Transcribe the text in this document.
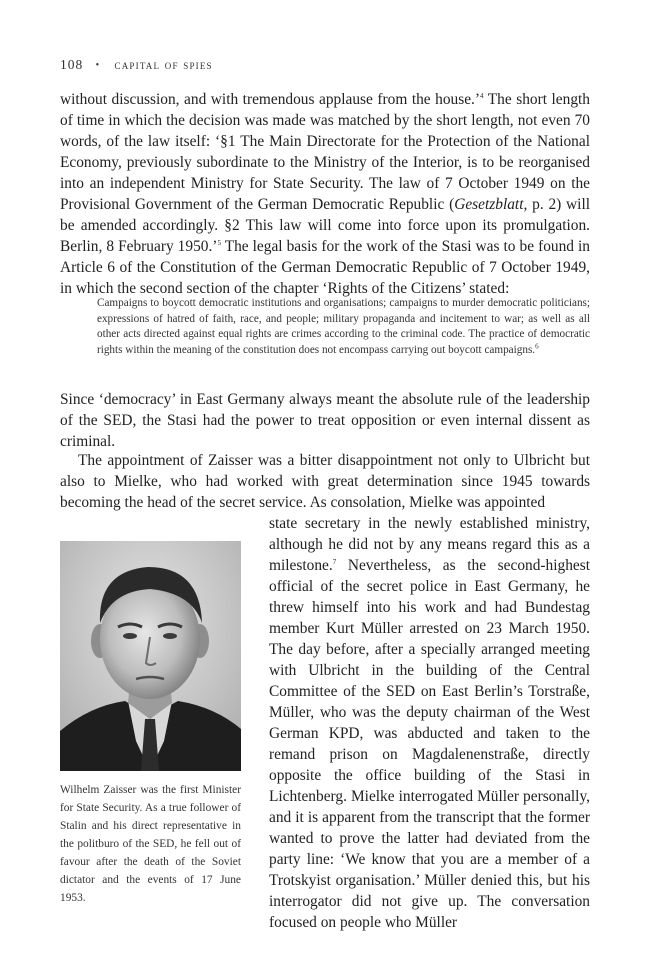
108 • capital of spies

without discussion, and with tremendous applause from the house.’$^4$ The short length of time in which the decision was made was matched by the short length, not even 70 words, of the law itself: ‘§1 The Main Directorate for the Protection of the National Economy, previously subordinate to the Ministry of the Interior, is to be reorganised into an independent Ministry for State Security. The law of 7 October 1949 on the Provisional Government of the German Democratic Republic (Gesetzblatt, p. 2) will be amended accordingly. §2 This law will come into force upon its promulgation. Berlin, 8 February 1950.’$^5$ The legal basis for the work of the Stasi was to be found in Article 6 of the Constitution of the German Democratic Republic of 7 October 1949, in which the second section of the chapter ‘Rights of the Citizens’ stated:

Campaigns to boycott democratic institutions and organisations; campaigns to murder democratic politicians; expressions of hatred of faith, race, and people; military propaganda and incitement to war; as well as all other acts directed against equal rights are crimes according to the criminal code. The practice of democratic rights within the meaning of the constitution does not encompass carrying out boycott campaigns.$^6$

Since ‘democracy’ in East Germany always meant the absolute rule of the leadership of the SED, the Stasi had the power to treat opposition or even internal dissent as criminal.

The appointment of Zaisser was a bitter disappointment not only to Ulbricht but also to Mielke, who had worked with great determination since 1945 towards becoming the head of the secret service. As consolation, Mielke was appointed

state secretary in the newly established ministry, although he did not by any means regard this as a milestone.$^7$ Nevertheless, as the second-highest official of the secret police in East Germany, he threw himself into his work and had Bundestag member Kurt Müller arrested on 23 March 1950. The day before, after a specially arranged meeting with Ulbricht in the building of the Central Committee of the SED on East Berlin’s Torstraße, Müller, who was the deputy chairman of the West German KPD, was abducted and taken to the remand prison on Magdalenenstraße, directly opposite the office building of the Stasi in Lichtenberg. Mielke interrogated Müller personally, and it is apparent from the transcript that the former wanted to prove the latter had deviated from the party line: ‘We know that you are a member of a Trotskyist organisation.’ Müller denied this, but his interrogator did not give up. The conversation focused on people who Müller

Wilhelm Zaisser was the first Minister for State Security. As a true follower of Stalin and his direct representative in the politburo of the SED, he fell out of favour after the death of the Soviet dictator and the events of 17 June 1953.
